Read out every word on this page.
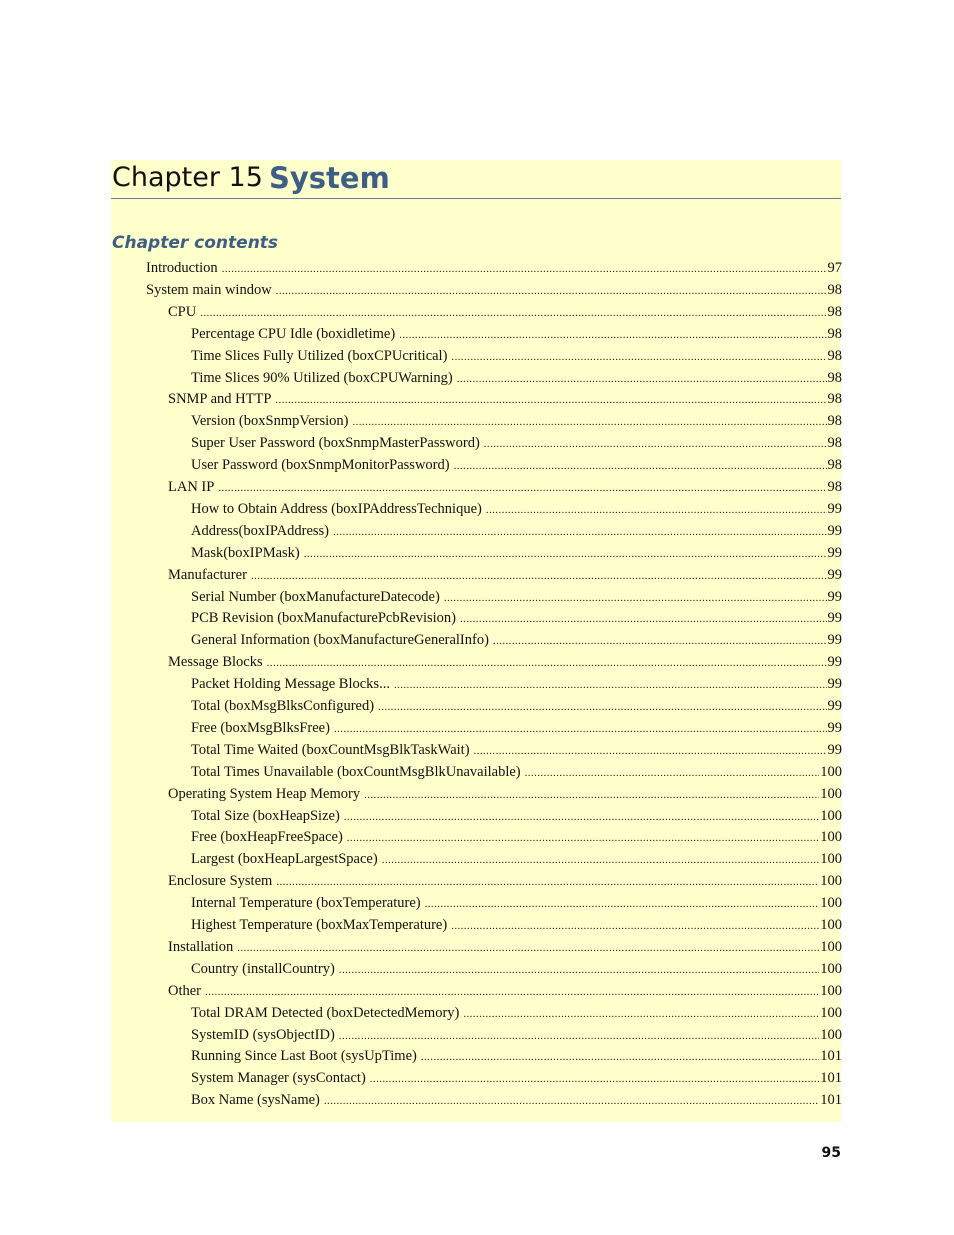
Chapter 15 System
Chapter contents
Introduction .....	97
System main window .....	98
CPU .....	98
Percentage CPU Idle (boxidletime) .....	98
Time Slices Fully Utilized (boxCPUcritical) .....	98
Time Slices 90% Utilized (boxCPUWarning) .....	98
SNMP and HTTP .....	98
Version (boxSnmpVersion) .....	98
Super User Password (boxSnmpMasterPassword) .....	98
User Password (boxSnmpMonitorPassword) .....	98
LAN IP .....	98
How to Obtain Address (boxIPAddressTechnique) .....	99
Address(boxIPAddress) .....	99
Mask(boxIPMask) .....	99
Manufacturer .....	99
Serial Number (boxManufactureDatecode) .....	99
PCB Revision (boxManufacturePcbRevision) .....	99
General Information (boxManufactureGeneralInfo) .....	99
Message Blocks .....	99
Packet Holding Message Blocks... .....	99
Total (boxMsgBlksConfigured) .....	99
Free (boxMsgBlksFree) .....	99
Total Time Waited (boxCountMsgBlkTaskWait) .....	99
Total Times Unavailable (boxCountMsgBlkUnavailable) .....	100
Operating System Heap Memory .....	100
Total Size (boxHeapSize) .....	100
Free (boxHeapFreeSpace) .....	100
Largest (boxHeapLargestSpace) .....	100
Enclosure System .....	100
Internal Temperature (boxTemperature) .....	100
Highest Temperature (boxMaxTemperature) .....	100
Installation .....	100
Country (installCountry) .....	100
Other .....	100
Total DRAM Detected (boxDetectedMemory) .....	100
SystemID (sysObjectID) .....	100
Running Since Last Boot (sysUpTime) .....	101
System Manager (sysContact) .....	101
Box Name (sysName) .....	101
95
